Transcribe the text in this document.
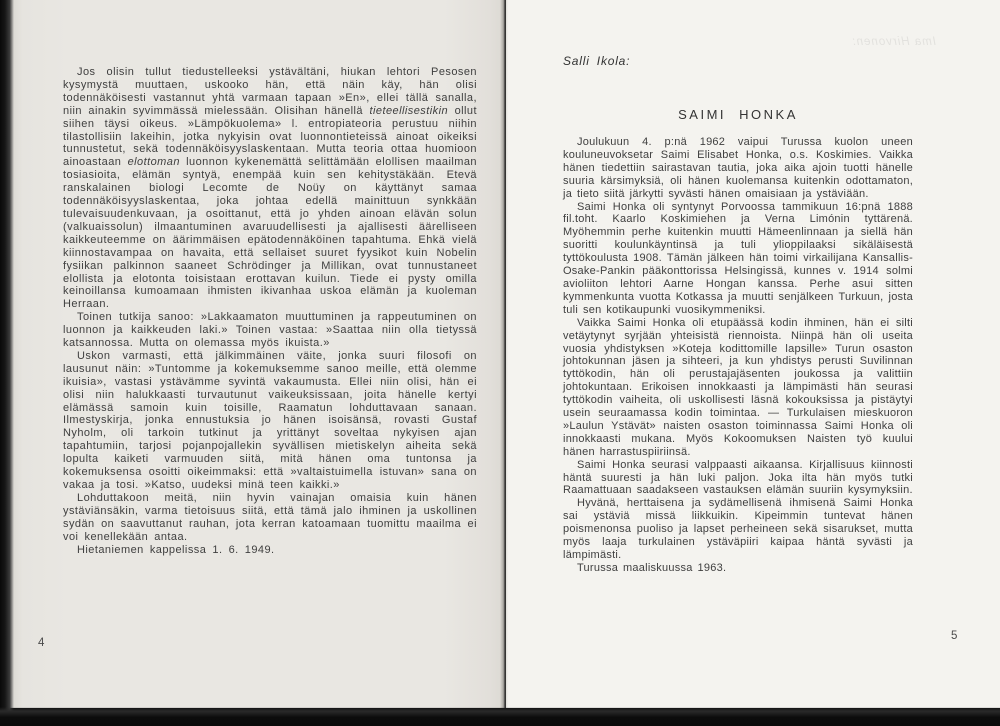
Jos olisin tullut tiedustelleeksi ystävältäni, hiukan lehtori Pesosen kysymystä muuttaen, uskooko hän, että näin käy, hän olisi todennäköisesti vastannut yhtä varmaan tapaan »En», ellei tällä sanalla, niin ainakin syvimmässä mielessään. Olisihan hänellä tieteellisestikin ollut siihen täysi oikeus. »Lämpökuolema» l. entropiateoria perustuu niihin tilastollisiin lakeihin, jotka nykyisin ovat luonnontieteissä ainoat oikeiksi tunnustetut, sekä todennäköisyyslaskentaan. Mutta teoria ottaa huomioon ainoastaan elottoman luonnon kykenemättä selittämään elollisen maailman tosiasioita, elämän syntyä, enempää kuin sen kehitystäkään. Etevä ranskalainen biologi Lecomte de Noüy on käyttänyt samaa todennäköisyyslaskentaa, joka johtaa edellä mainittuun synkkään tulevaisuudenkuvaan, ja osoittanut, että jo yhden ainoan elävän solun (valkuaissolun) ilmaantuminen avaruudellisesti ja ajallisesti äärelliseen kaikkeuteemme on äärimmäisen epätodennäköinen tapahtuma. Ehkä vielä kiinnostavampaa on havaita, että sellaiset suuret fyysikot kuin Nobelin fysiikan palkinnon saaneet Schrödinger ja Millikan, ovat tunnustaneet elollista ja elotonta toisistaan erottavan kuilun. Tiede ei pysty omilla keinoillansa kumoamaan ihmisten ikivanhaa uskoa elämän ja kuoleman Herraan.

Toinen tutkija sanoo: »Lakkaamaton muuttuminen ja rappeutuminen on luonnon ja kaikkeuden laki.» Toinen vastaa: »Saattaa niin olla tietyssä katsannossa. Mutta on olemassa myös ikuista.»

Uskon varmasti, että jälkimmäinen väite, jonka suuri filosofi on lausunut näin: »Tuntomme ja kokemuksemme sanoo meille, että olemme ikuisia», vastasi ystävämme syvintä vakaumusta. Ellei niin olisi, hän ei olisi niin halukkaasti turvautunut vaikeuksissaan, joita hänelle kertyi elämässä samoin kuin toisille, Raamatun lohduttavaan sanaan. Ilmestyskirja, jonka ennustuksia jo hänen isoisänsä, rovasti Gustaf Nyholm, oli tarkoin tutkinut ja yrittänyt soveltaa nykyisen ajan tapahtumiin, tarjosi pojanpojallekin syvällisen mietiskelyn aiheita sekä lopulta kaiketi varmuuden siitä, mitä hänen oma tuntonsa ja kokemuksensa osoitti oikeimmaksi: että »valtaistuimella istuvan» sana on vakaa ja tosi. »Katso, uudeksi minä teen kaikki.»

Lohduttakoon meitä, niin hyvin vainajan omaisia kuin hänen ystäviänsäkin, varma tietoisuus siitä, että tämä jalo ihminen ja uskollinen sydän on saavuttanut rauhan, jota kerran katoamaan tuomittu maailma ei voi kenellekään antaa.

Hietaniemen kappelissa 1. 6. 1949.

4
Ima Hirvonen:
Salli Ikola:
SAIMI HONKA

Joulukuun 4. p:nä 1962 vaipui Turussa kuolon uneen kouluneuvoksetar Saimi Elisabet Honka, o.s. Koskimies. Vaikka hänen tiedettiin sairastavan tautia, joka aika ajoin tuotti hänelle suuria kärsimyksiä, oli hänen kuolemansa kuitenkin odottamaton, ja tieto siitä järkytti syvästi hänen omaisiaan ja ystäviään.

Saimi Honka oli syntynyt Porvoossa tammikuun 16:pnä 1888 fil.toht. Kaarlo Koskimiehen ja Verna Limónin tyttärenä. Myöhemmin perhe kuitenkin muutti Hämeenlinnaan ja siellä hän suoritti koulunkäyntinsä ja tuli ylioppilaaksi sikäläisestä tyttökoulusta 1908. Tämän jälkeen hän toimi virkailijana Kansallis-Osake-Pankin pääkonttorissa Helsingissä, kunnes v. 1914 solmi avioliiton lehtori Aarne Hongan kanssa. Perhe asui sitten kymmenkunta vuotta Kotkassa ja muutti senjälkeen Turkuun, josta tuli sen kotikaupunki vuosikymmeniksi.

Vaikka Saimi Honka oli etupäässä kodin ihminen, hän ei silti vetäytynyt syrjään yhteisistä riennoista. Niinpä hän oli useita vuosia yhdistyksen »Koteja kodittomille lapsille» Turun osaston johtokunnan jäsen ja sihteeri, ja kun yhdistys perusti Suvilinnan tyttökodin, hän oli perustajajäsenten joukossa ja valittiin johtokuntaan. Erikoisen innokkaasti ja lämpimästi hän seurasi tyttökodin vaiheita, oli uskollisesti läsnä kokouksissa ja pistäytyi usein seuraamassa kodin toimintaa. — Turkulaisen mieskuoron »Laulun Ystävät» naisten osaston toiminnassa Saimi Honka oli innokkaasti mukana. Myös Kokoomuksen Naisten työ kuului hänen harrastuspiiriinsä.

Saimi Honka seurasi valppaasti aikaansa. Kirjallisuus kiinnosti häntä suuresti ja hän luki paljon. Joka ilta hän myös tutki Raamattuaan saadakseen vastauksen elämän suuriin kysymyksiin.

Hyvänä, herttaisena ja sydämellisenä ihmisenä Saimi Honka sai ystäviä missä liikkuikin. Kipeimmin tuntevat hänen poismenonsa puoliso ja lapset perheineen sekä sisarukset, mutta myös laaja turkulainen ystäväpiiri kaipaa häntä syvästi ja lämpimästi.

Turussa maaliskuussa 1963.

5
